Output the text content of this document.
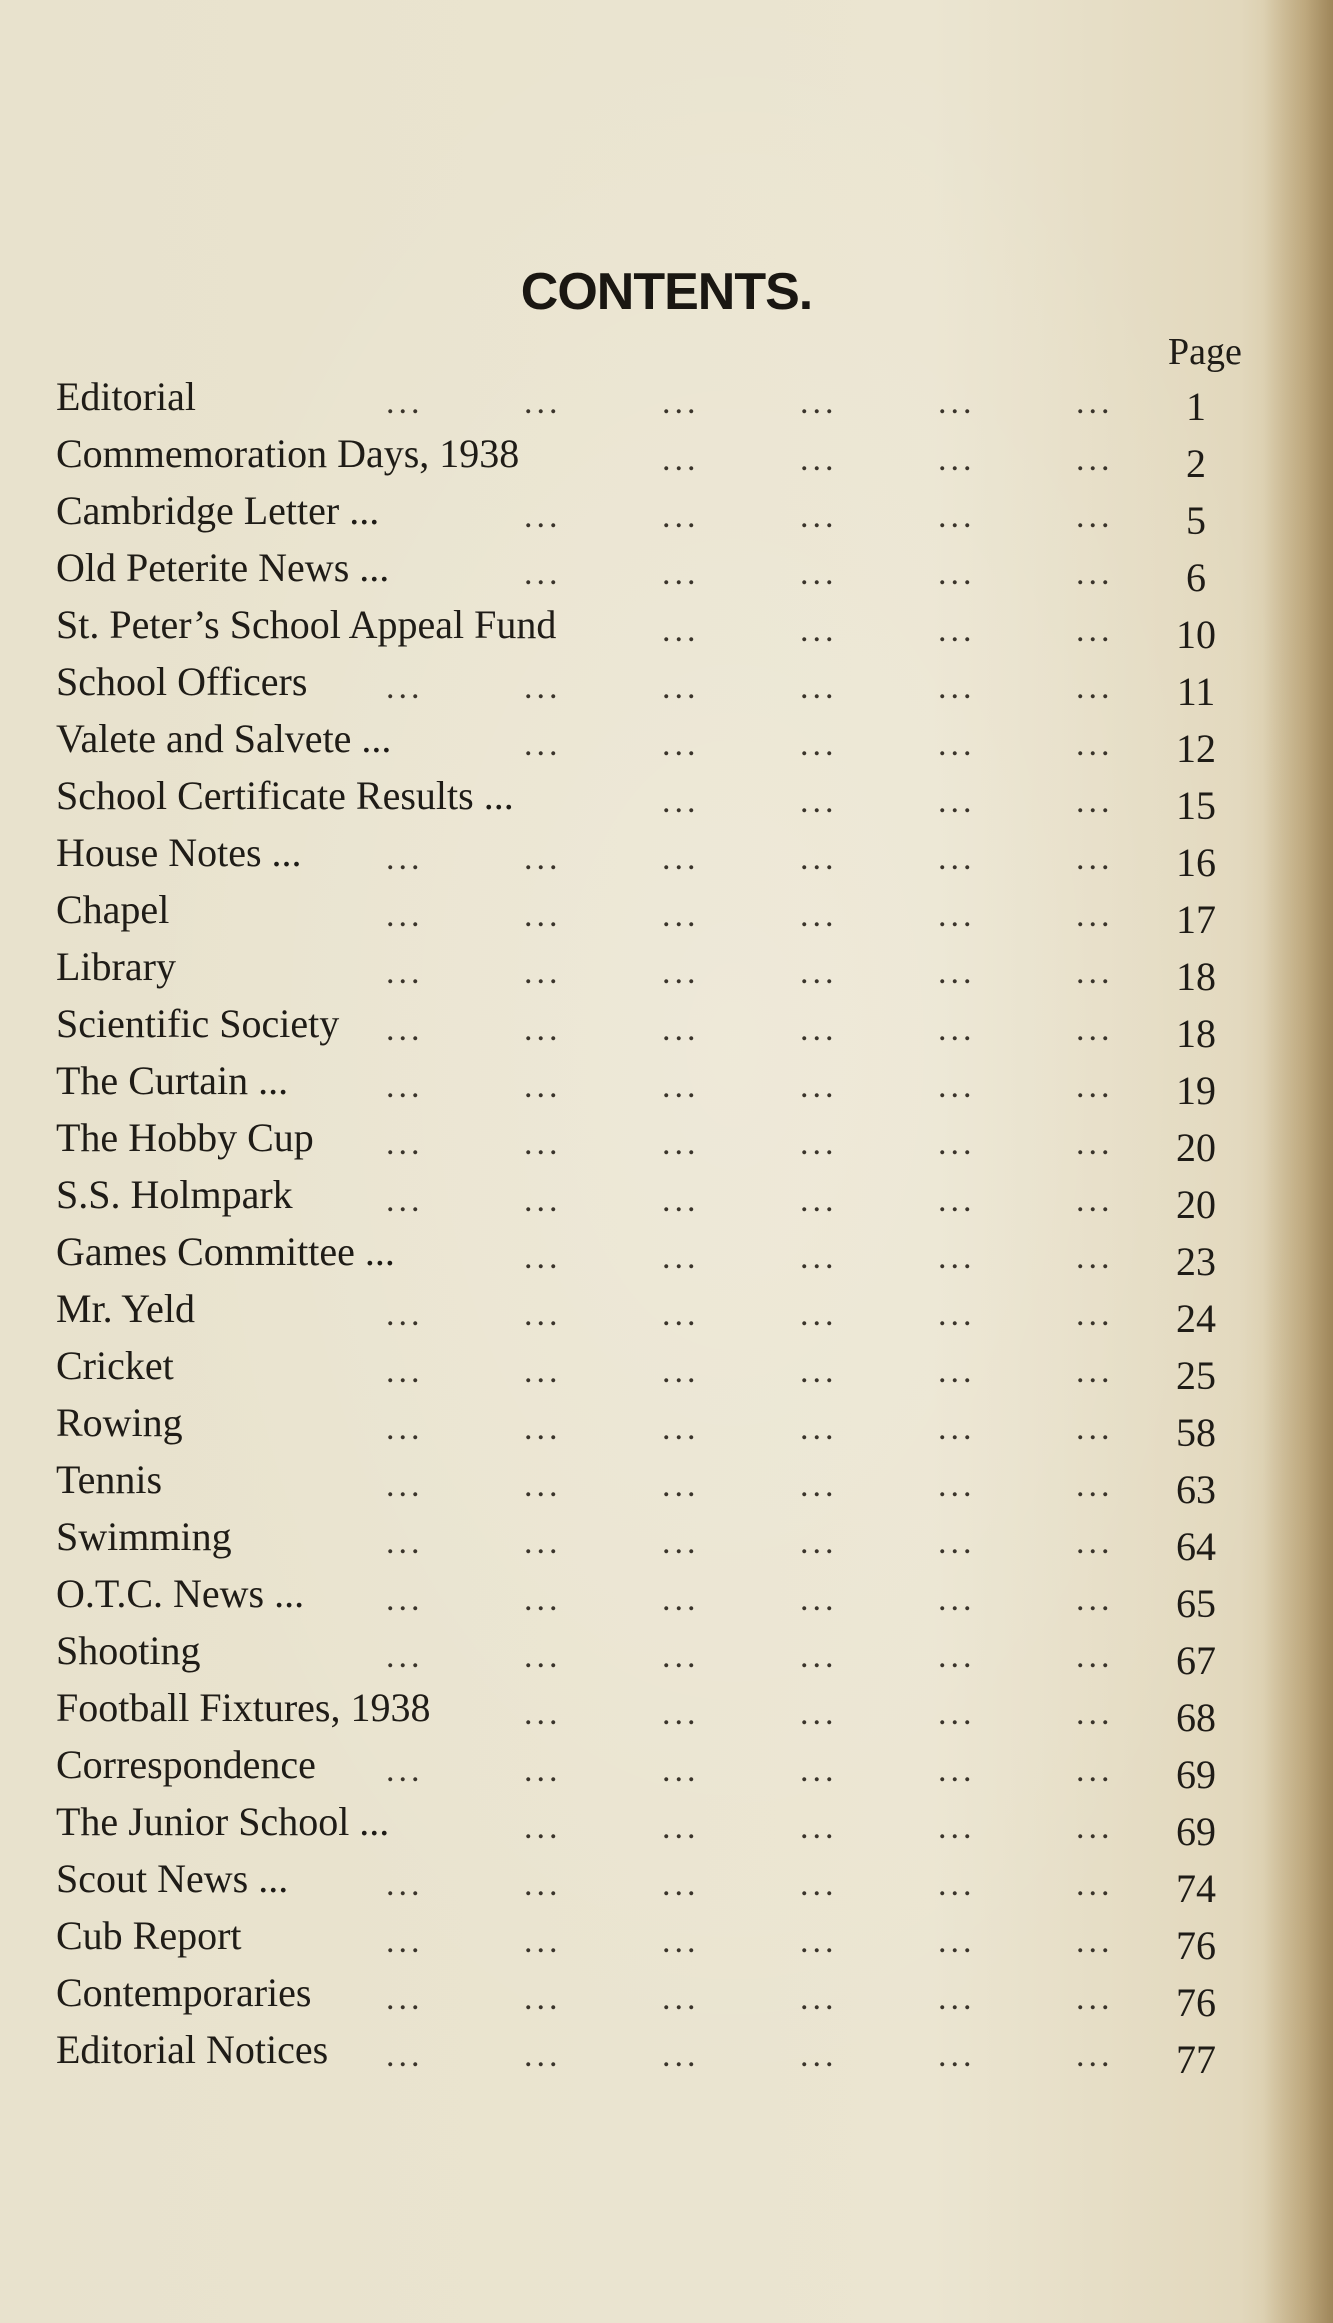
CONTENTS.
Page
Editorial	1
...	...	...	...	...	...
Commemoration Days, 1938	2
...	...	...	...
Cambridge Letter ...	5
...	...	...	...	...
Old Peterite News ...	6
...	...	...	...	...
St. Peter’s School Appeal Fund	10
...	...	...	...
School Officers	11
...	...	...	...	...	...
Valete and Salvete ...	12
...	...	...	...	...
School Certificate Results ...	15
...	...	...	...
House Notes ...	16
...	...	...	...	...	...
Chapel	17
...	...	...	...	...	...
Library	18
...	...	...	...	...	...
Scientific Society	18
...	...	...	...	...	...
The Curtain ...	19
...	...	...	...	...	...
The Hobby Cup	20
...	...	...	...	...	...
S.S. Holmpark	20
...	...	...	...	...	...
Games Committee ...	23
...	...	...	...	...
Mr. Yeld	24
...	...	...	...	...	...
Cricket	25
...	...	...	...	...	...
Rowing	58
...	...	...	...	...	...
Tennis	63
...	...	...	...	...	...
Swimming	64
...	...	...	...	...	...
O.T.C. News ...	65
...	...	...	...	...	...
Shooting	67
...	...	...	...	...	...
Football Fixtures, 1938	68
...	...	...	...	...
Correspondence	69
...	...	...	...	...	...
The Junior School ...	69
...	...	...	...	...
Scout News ...	74
...	...	...	...	...	...
Cub Report	76
...	...	...	...	...	...
Contemporaries	76
...	...	...	...	...	...
Editorial Notices	77
...	...	...	...	...	...
